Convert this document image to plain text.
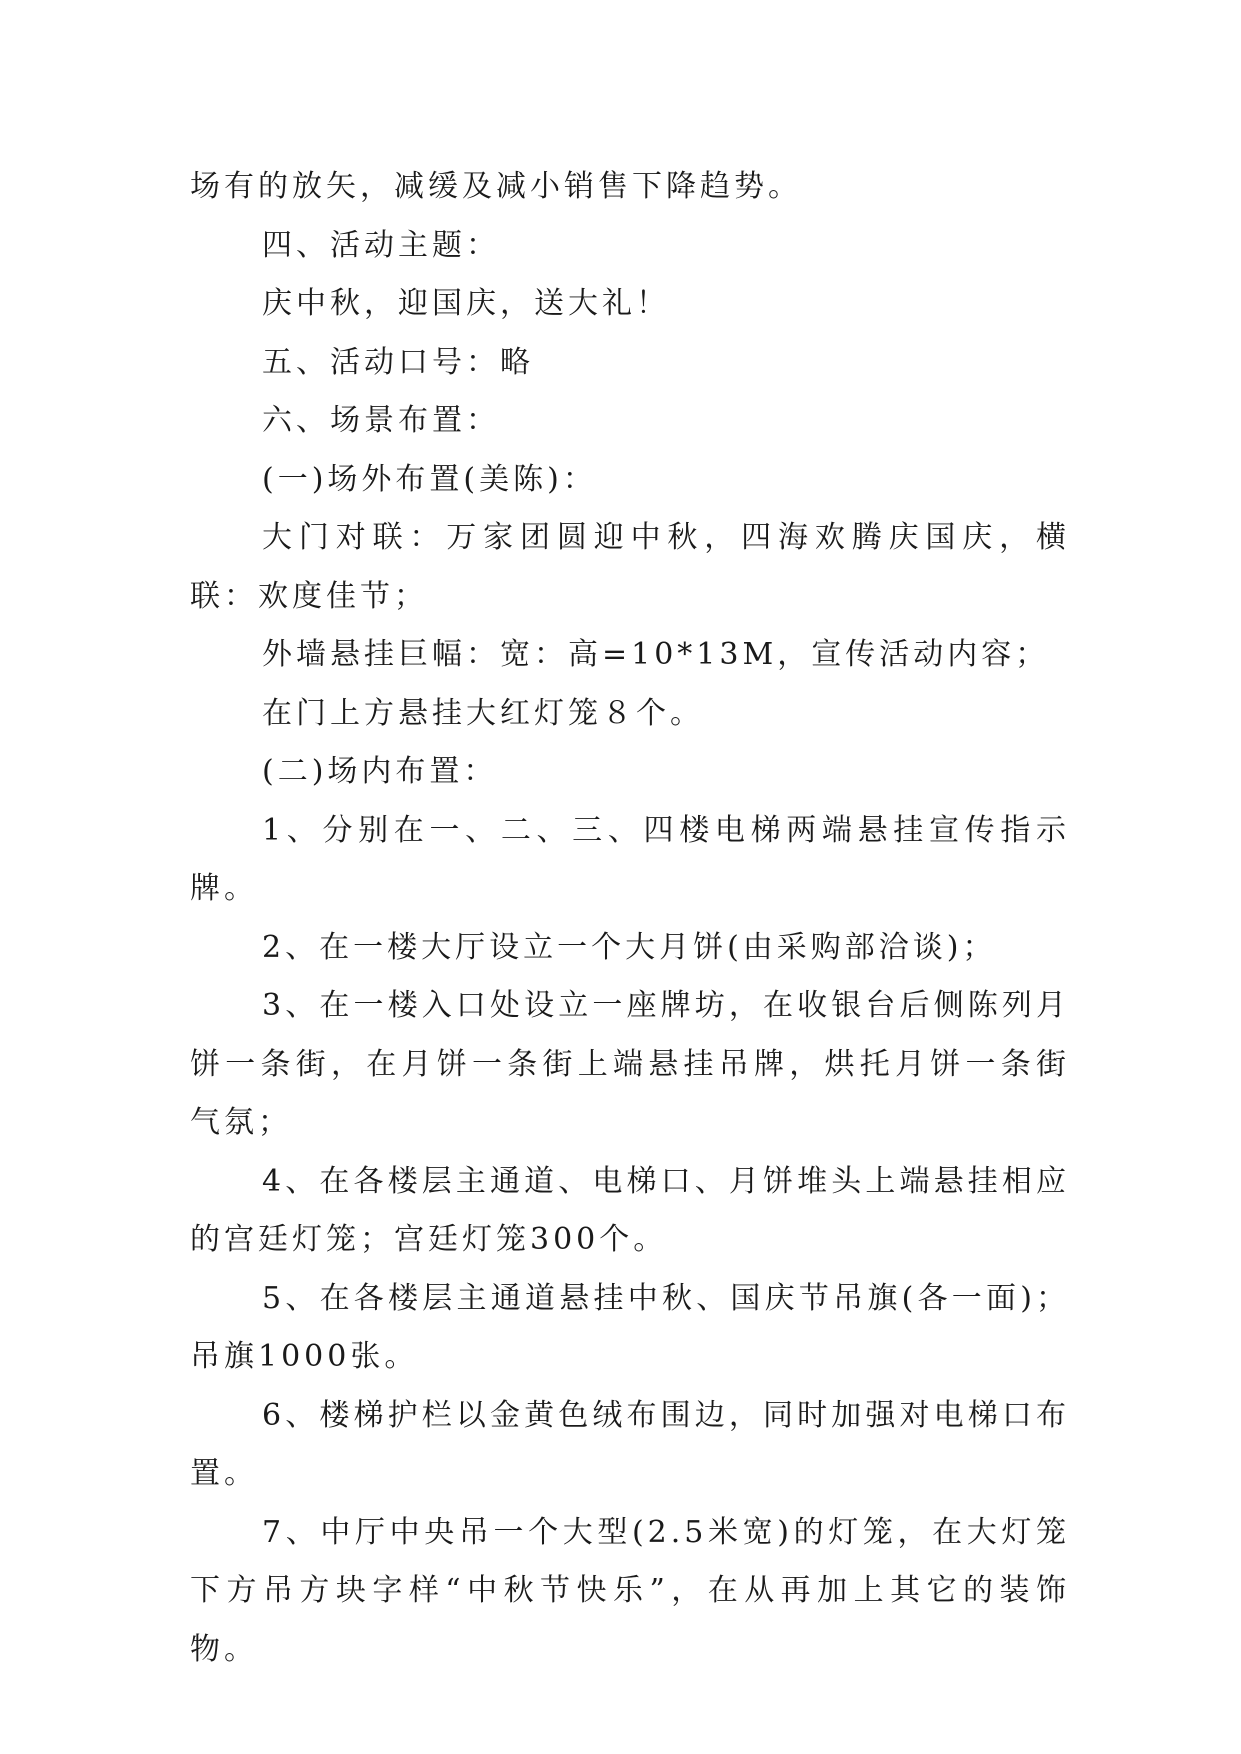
场有的放矢，减缓及减小销售下降趋势。

四、活动主题：

庆中秋，迎国庆，送大礼！

五、活动口号：略

六、场景布置：

(一)场外布置(美陈)：

大门对联：万家团圆迎中秋，四海欢腾庆国庆，横联：欢度佳节；

外墙悬挂巨幅：宽：高=10*13M，宣传活动内容；

在门上方悬挂大红灯笼８个。

(二)场内布置：

1、分别在一、二、三、四楼电梯两端悬挂宣传指示牌。

2、在一楼大厅设立一个大月饼(由采购部洽谈)；

3、在一楼入口处设立一座牌坊，在收银台后侧陈列月饼一条街，在月饼一条街上端悬挂吊牌，烘托月饼一条街气氛；

4、在各楼层主通道、电梯口、月饼堆头上端悬挂相应的宫廷灯笼；宫廷灯笼300个。

5、在各楼层主通道悬挂中秋、国庆节吊旗(各一面)；吊旗1000张。

6、楼梯护栏以金黄色绒布围边，同时加强对电梯口布置。

7、中厅中央吊一个大型(2.5米宽)的灯笼，在大灯笼下方吊方块字样“中秋节快乐”，在从再加上其它的装饰物。
